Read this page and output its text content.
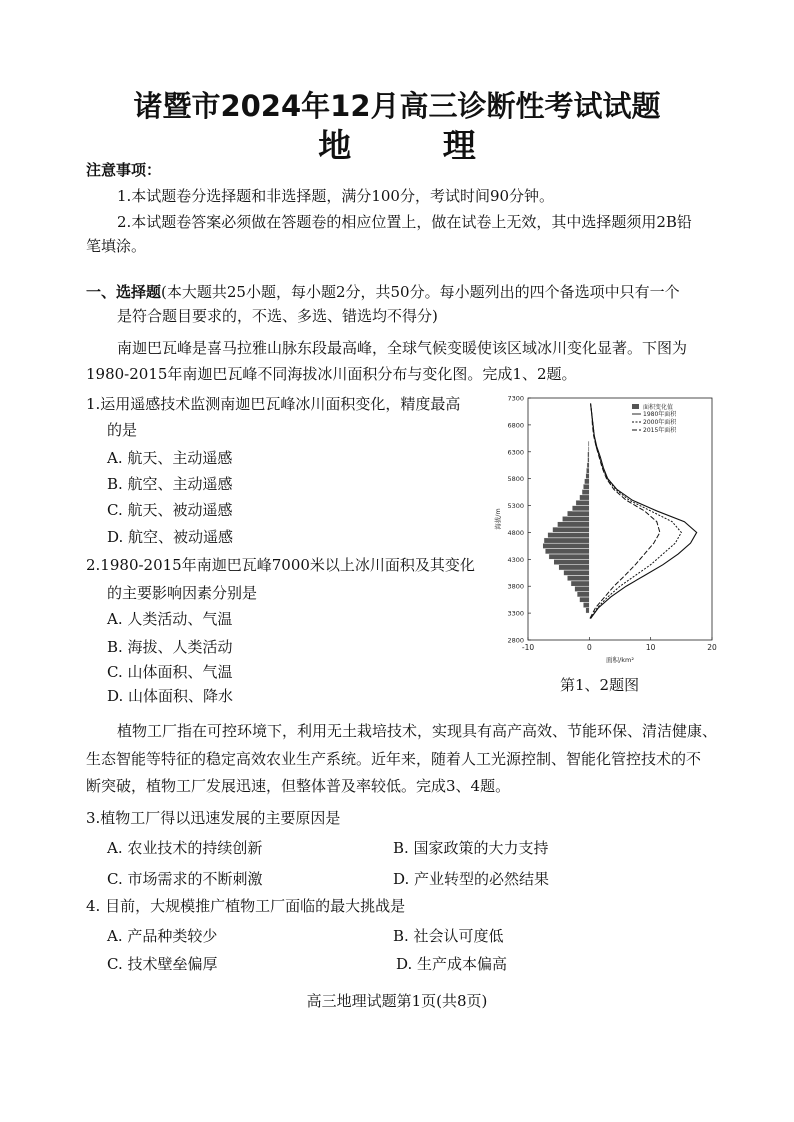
诸暨市2024年12月高三诊断性考试试题
地 理
注意事项：
1.本试题卷分选择题和非选择题，满分100分，考试时间90分钟。
2.本试题卷答案必须做在答题卷的相应位置上，做在试卷上无效，其中选择题须用2B铅
笔填涂。
一、选择题(本大题共25小题，每小题2分，共50分。每小题列出的四个备选项中只有一个
是符合题目要求的，不选、多选、错选均不得分)
南迦巴瓦峰是喜马拉雅山脉东段最高峰，全球气候变暖使该区域冰川变化显著。下图为
1980-2015年南迦巴瓦峰不同海拔冰川面积分布与变化图。完成1、2题。
1.运用遥感技术监测南迦巴瓦峰冰川面积变化，精度最高
的是
A. 航天、主动遥感
B. 航空、主动遥感
C. 航天、被动遥感
D. 航空、被动遥感
2.1980-2015年南迦巴瓦峰7000米以上冰川面积及其变化
的主要影响因素分别是
A. 人类活动、气温
B. 海拔、人类活动
C. 山体面积、气温
D. 山体面积、降水
2800
3300
3800
4300
4800
5300
5800
6300
6800
7300
-10	0	10	20
面积/km²
海拔/m
面积变化值
1980年面积
2000年面积
2015年面积
第1、2题图
植物工厂指在可控环境下，利用无土栽培技术，实现具有高产高效、节能环保、清洁健康、
生态智能等特征的稳定高效农业生产系统。近年来，随着人工光源控制、智能化管控技术的不
断突破，植物工厂发展迅速，但整体普及率较低。完成3、4题。
3.植物工厂得以迅速发展的主要原因是
A. 农业技术的持续创新	B. 国家政策的大力支持
C. 市场需求的不断刺激	D. 产业转型的必然结果
4. 目前，大规模推广植物工厂面临的最大挑战是
A. 产品种类较少	B. 社会认可度低
C. 技术壁垒偏厚	D. 生产成本偏高
高三地理试题第1页(共8页)
